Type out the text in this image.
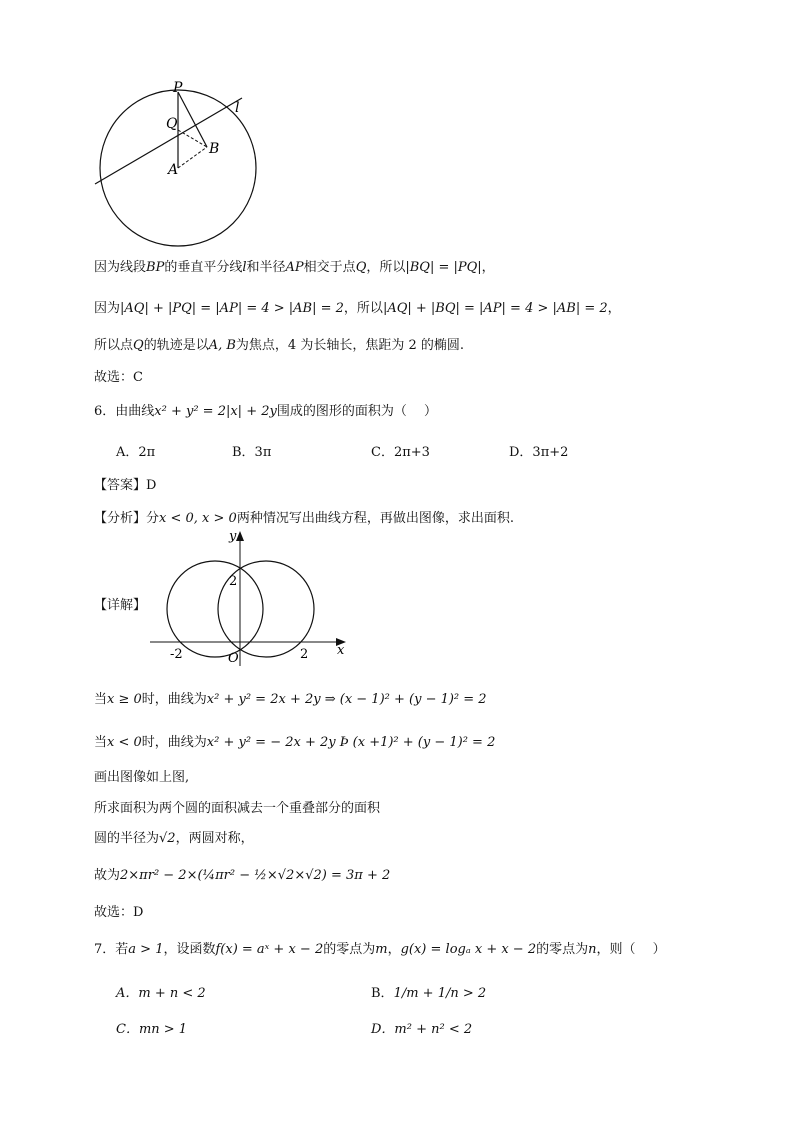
P
Q
B
A
l
因为线段BP的垂直平分线l和半径AP相交于点Q，所以|BQ| = |PQ|，
因为|AQ| + |PQ| = |AP| = 4 > |AB| = 2，所以|AQ| + |BQ| = |AP| = 4 > |AB| = 2，
所以点Q的轨迹是以A, B为焦点，4 为长轴长，焦距为 2 的椭圆.
故选：C
6．由曲线x² + y² = 2|x| + 2y围成的图形的面积为（　 ）
A．2π	B．3π	C．2π+3	D．3π+2
【答案】D
【分析】分x < 0, x > 0两种情况写出曲线方程，再做出图像，求出面积.
【详解】
y
x
2
-2	O	2
当x ≥ 0时，曲线为x² + y² = 2x + 2y ⇒ (x − 1)² + (y − 1)² = 2
当x < 0时，曲线为x² + y² = − 2x + 2y Þ (x +1)² + (y − 1)² = 2
画出图像如上图,
所求面积为两个圆的面积减去一个重叠部分的面积
圆的半径为√2，两圆对称，
故为2×πr² − 2×(¼πr² − ½×√2×√2) = 3π + 2
故选：D
7．若a > 1，设函数f(x) = aˣ + x − 2的零点为m，g(x) = logₐ x + x − 2的零点为n，则（　 ）
A．m + n < 2	B．1/m + 1/n > 2
C．mn > 1	D．m² + n² < 2
